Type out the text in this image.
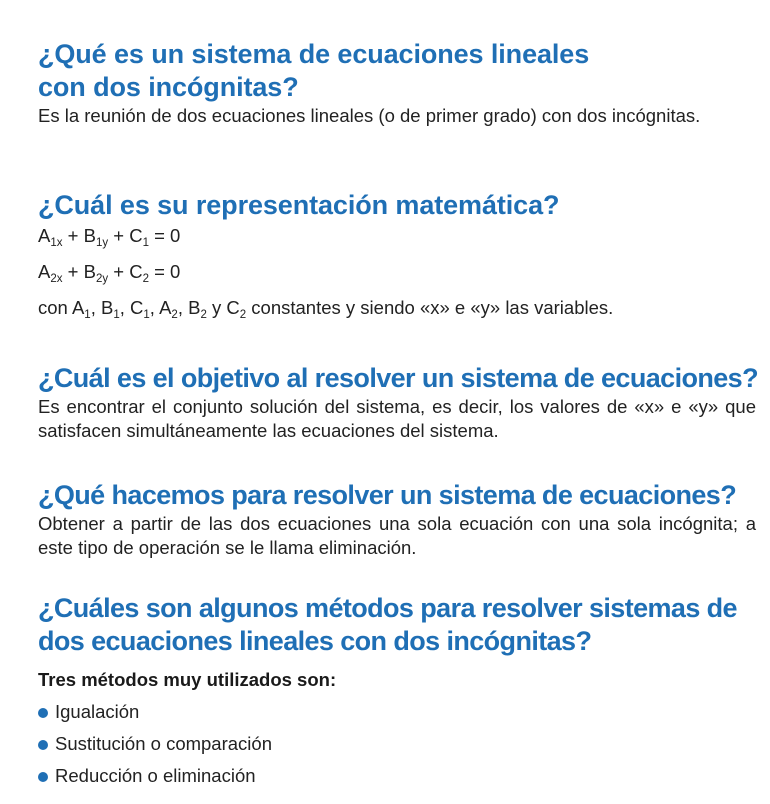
¿Qué es un sistema de ecuaciones lineales
con dos incógnitas?

Es la reunión de dos ecuaciones lineales (o de primer grado) con dos incógnitas.

¿Cuál es su representación matemática?
$A_{1x} + B_{1y} + C_1 = 0$
$A_{2x} + B_{2y} + C_2 = 0$
con $A_1$, $B_1$, $C_1$, $A_2$, $B_2$ y $C_2$ constantes y siendo «x» e «y» las variables.
¿Cuál es el objetivo al resolver un sistema de ecuaciones?

Es encontrar el conjunto solución del sistema, es decir, los valores de «x» e «y» que satisfacen simultáneamente las ecuaciones del sistema.

¿Qué hacemos para resolver un sistema de ecuaciones?

Obtener a partir de las dos ecuaciones una sola ecuación con una sola incógnita; a este tipo de operación se le llama eliminación.

¿Cuáles son algunos métodos para resolver sistemas de
dos ecuaciones lineales con dos incógnitas?
Tres métodos muy utilizados son:
Igualación
Sustitución o comparación
Reducción o eliminación
